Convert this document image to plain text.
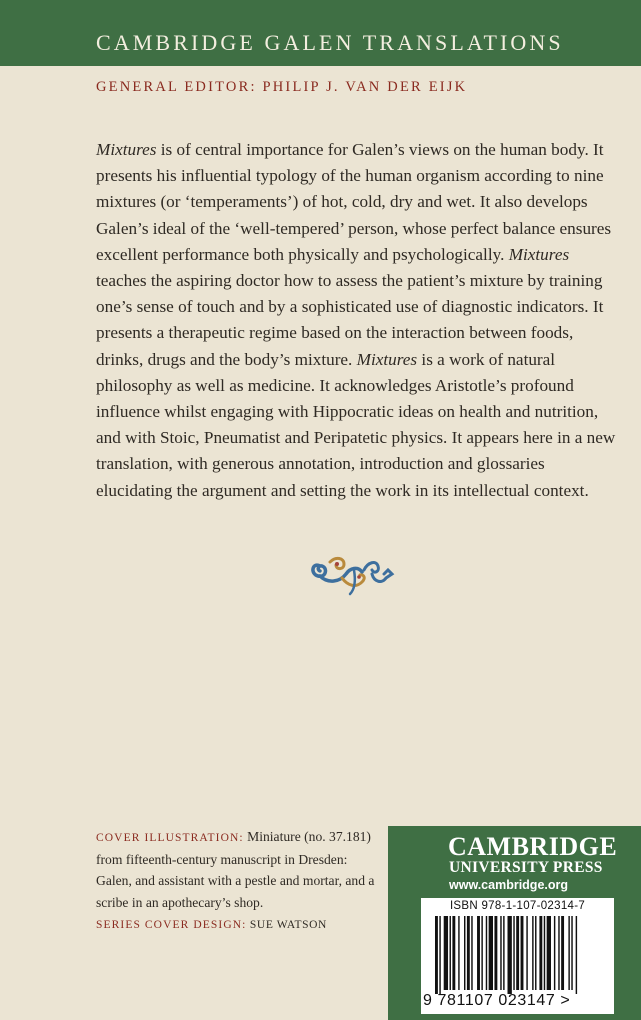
CAMBRIDGE GALEN TRANSLATIONS
GENERAL EDITOR: PHILIP J. VAN DER EIJK

Mixtures is of central importance for Galen’s views on the human body. It presents his influential typology of the human organism according to nine mixtures (or ‘temperaments’) of hot, cold, dry and wet. It also develops Galen’s ideal of the ‘well-tempered’ person, whose perfect balance ensures excellent performance both physically and psychologically. Mixtures teaches the aspiring doctor how to assess the patient’s mixture by training one’s sense of touch and by a sophisticated use of diagnostic indicators. It presents a therapeutic regime based on the interaction between foods, drinks, drugs and the body’s mixture. Mixtures is a work of natural philosophy as well as medicine. It acknowledges Aristotle’s profound influence whilst engaging with Hippocratic ideas on health and nutrition, and with Stoic, Pneumatist and Peripatetic physics. It appears here in a new translation, with generous annotation, introduction and glossaries elucidating the argument and setting the work in its intellectual context.

COVER ILLUSTRATION: Miniature (no. 37.181) from fifteenth-century manuscript in Dresden: Galen, and assistant with a pestle and mortar, and a scribe in an apothecary’s shop.
SERIES COVER DESIGN: SUE WATSON
CAMBRIDGE
UNIVERSITY PRESS
www.cambridge.org
ISBN 978-1-107-02314-7
9 781107 023147 >
